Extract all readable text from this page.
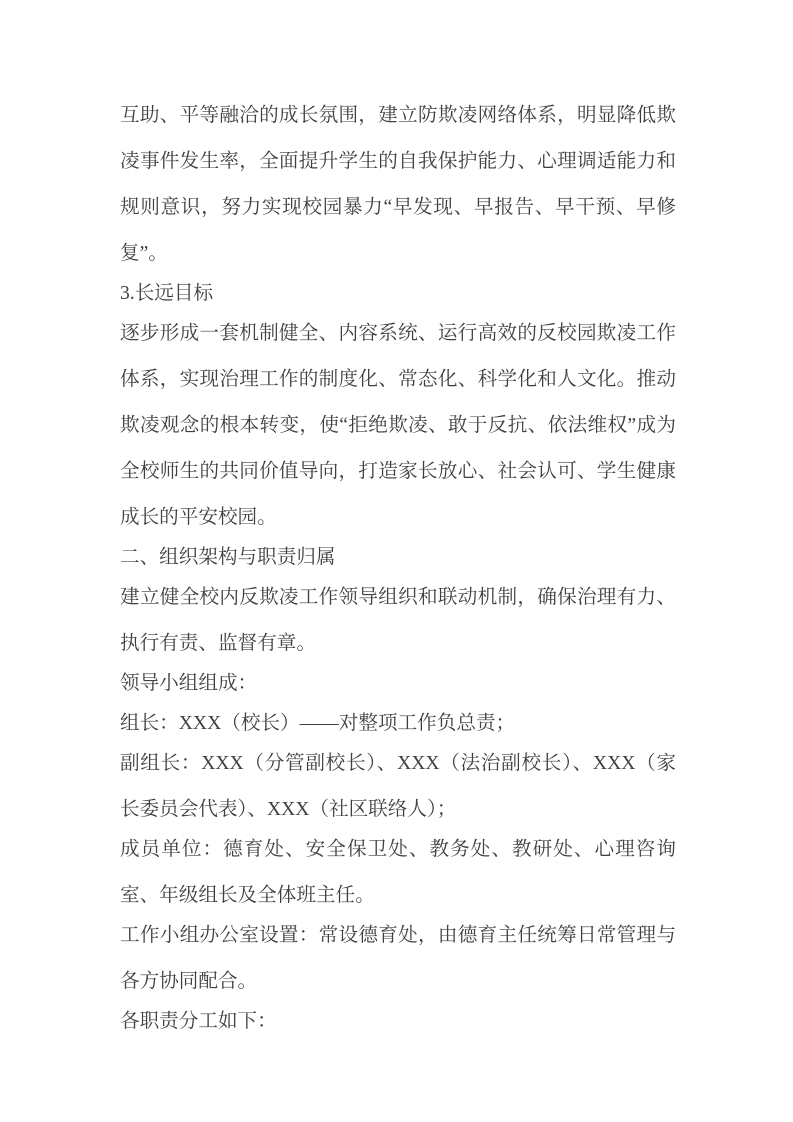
互助、平等融洽的成长氛围，建立防欺凌网络体系，明显降低欺凌事件发生率，全面提升学生的自我保护能力、心理调适能力和规则意识，努力实现校园暴力“早发现、早报告、早干预、早修复”。

3.长远目标

逐步形成一套机制健全、内容系统、运行高效的反校园欺凌工作体系，实现治理工作的制度化、常态化、科学化和人文化。推动欺凌观念的根本转变，使“拒绝欺凌、敢于反抗、依法维权”成为全校师生的共同价值导向，打造家长放心、社会认可、学生健康成长的平安校园。

二、组织架构与职责归属

建立健全校内反欺凌工作领导组织和联动机制，确保治理有力、执行有责、监督有章。

领导小组组成：

组长：XXX（校长）——对整项工作负总责；

副组长：XXX（分管副校长）、XXX（法治副校长）、XXX（家长委员会代表）、XXX（社区联络人）；

成员单位：德育处、安全保卫处、教务处、教研处、心理咨询室、年级组长及全体班主任。

工作小组办公室设置：常设德育处，由德育主任统筹日常管理与各方协同配合。

各职责分工如下：
